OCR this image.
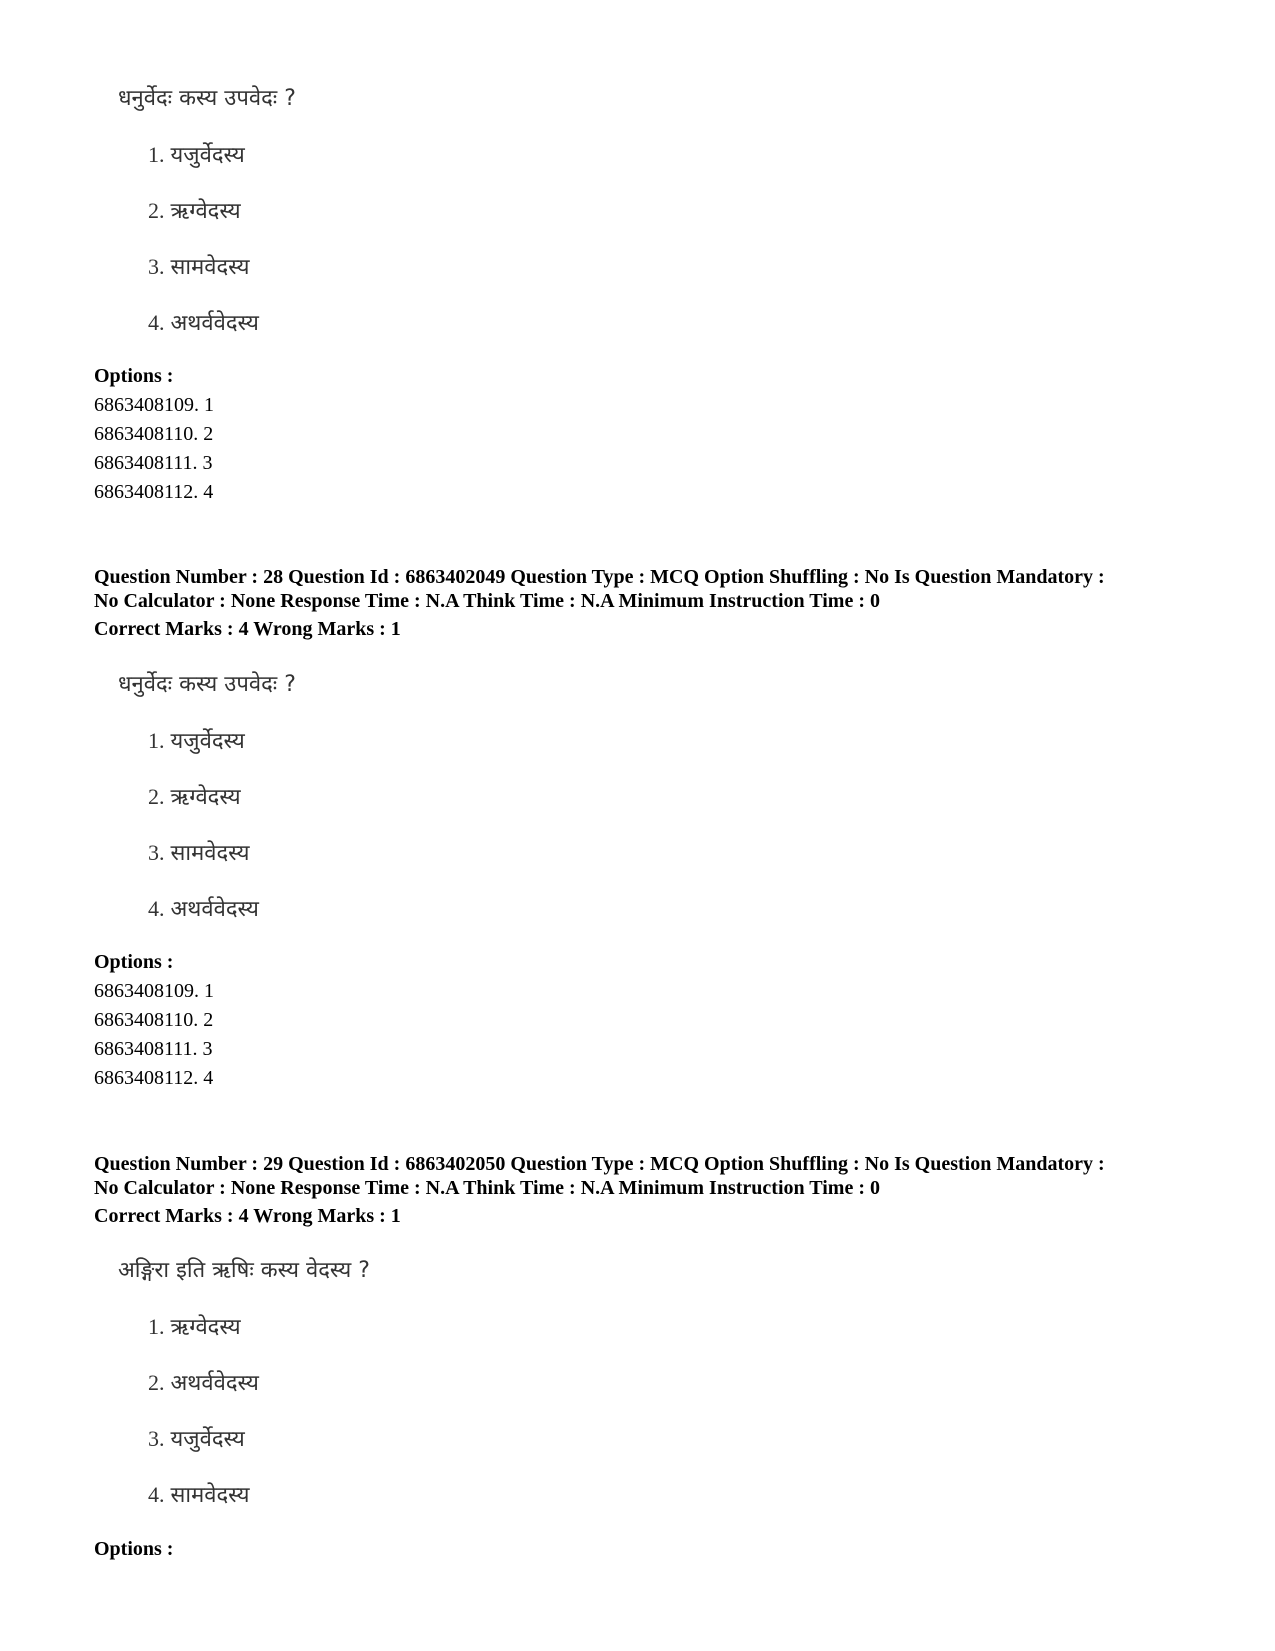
धनुर्वेदः कस्य उपवेदः ?
1. यजुर्वेदस्य
2. ऋग्वेदस्य
3. सामवेदस्य
4. अथर्ववेदस्य
Options :
6863408109. 1
6863408110. 2
6863408111. 3
6863408112. 4
Question Number : 28 Question Id : 6863402049 Question Type : MCQ Option Shuffling : No Is Question Mandatory :
No Calculator : None Response Time : N.A Think Time : N.A Minimum Instruction Time : 0
Correct Marks : 4 Wrong Marks : 1
धनुर्वेदः कस्य उपवेदः ?
1. यजुर्वेदस्य
2. ऋग्वेदस्य
3. सामवेदस्य
4. अथर्ववेदस्य
Options :
6863408109. 1
6863408110. 2
6863408111. 3
6863408112. 4
Question Number : 29 Question Id : 6863402050 Question Type : MCQ Option Shuffling : No Is Question Mandatory :
No Calculator : None Response Time : N.A Think Time : N.A Minimum Instruction Time : 0
Correct Marks : 4 Wrong Marks : 1
अङ्गिरा इति ऋषिः कस्य वेदस्य ?
1. ऋग्वेदस्य
2. अथर्ववेदस्य
3. यजुर्वेदस्य
4. सामवेदस्य
Options :
